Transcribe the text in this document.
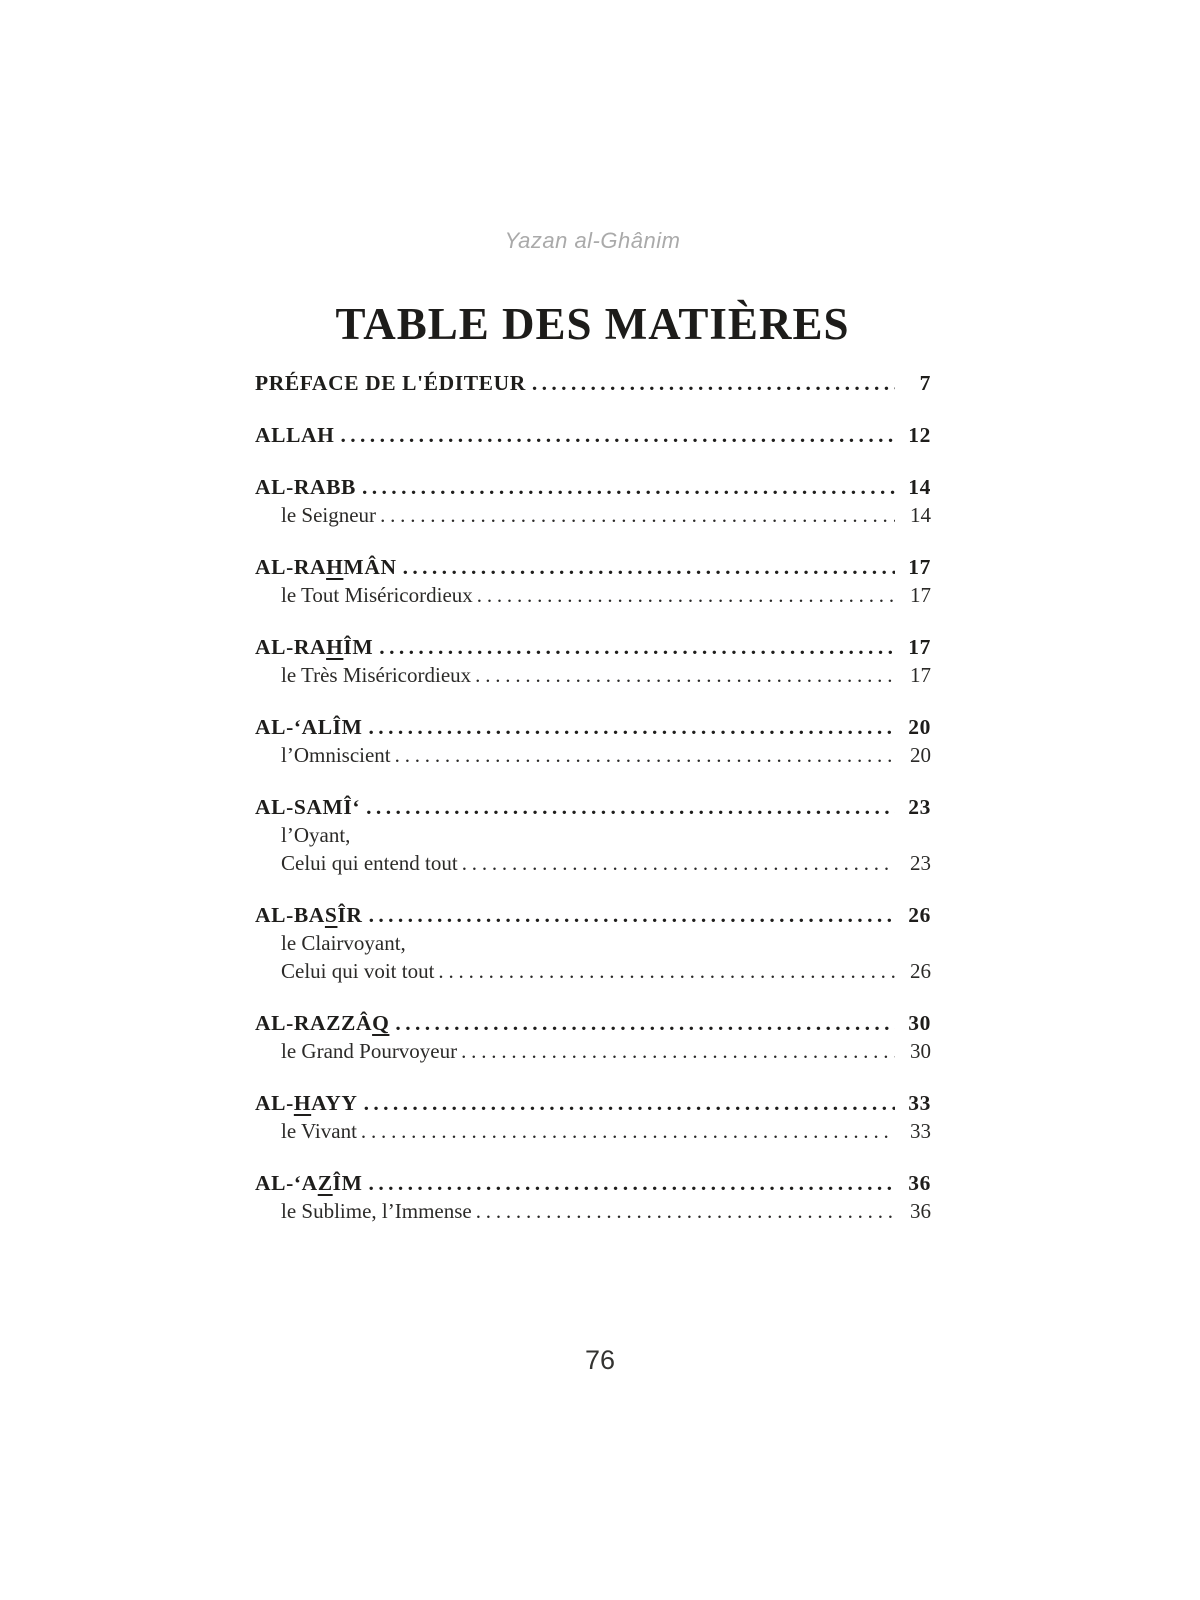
Yazan al-Ghânim
TABLE DES MATIÈRES
PRÉFACE DE L'ÉDITEUR .....	7
ALLAH .....	12
AL-RABB .....	14
le Seigneur .....	14
AL-RAHMÂN .....	17
le Tout Miséricordieux .....	17
AL-RAHÎM .....	17
le Très Miséricordieux .....	17
AL-‘ALÎM .....	20
l’Omniscient .....	20
AL-SAMÎ‘ .....	23
l’Oyant,
Celui qui entend tout .....	23
AL-BASÎR .....	26
le Clairvoyant,
Celui qui voit tout .....	26
AL-RAZZÂQ .....	30
le Grand Pourvoyeur .....	30
AL-HAYY .....	33
le Vivant .....	33
AL-‘AZÎM .....	36
le Sublime, l’Immense .....	36
76
